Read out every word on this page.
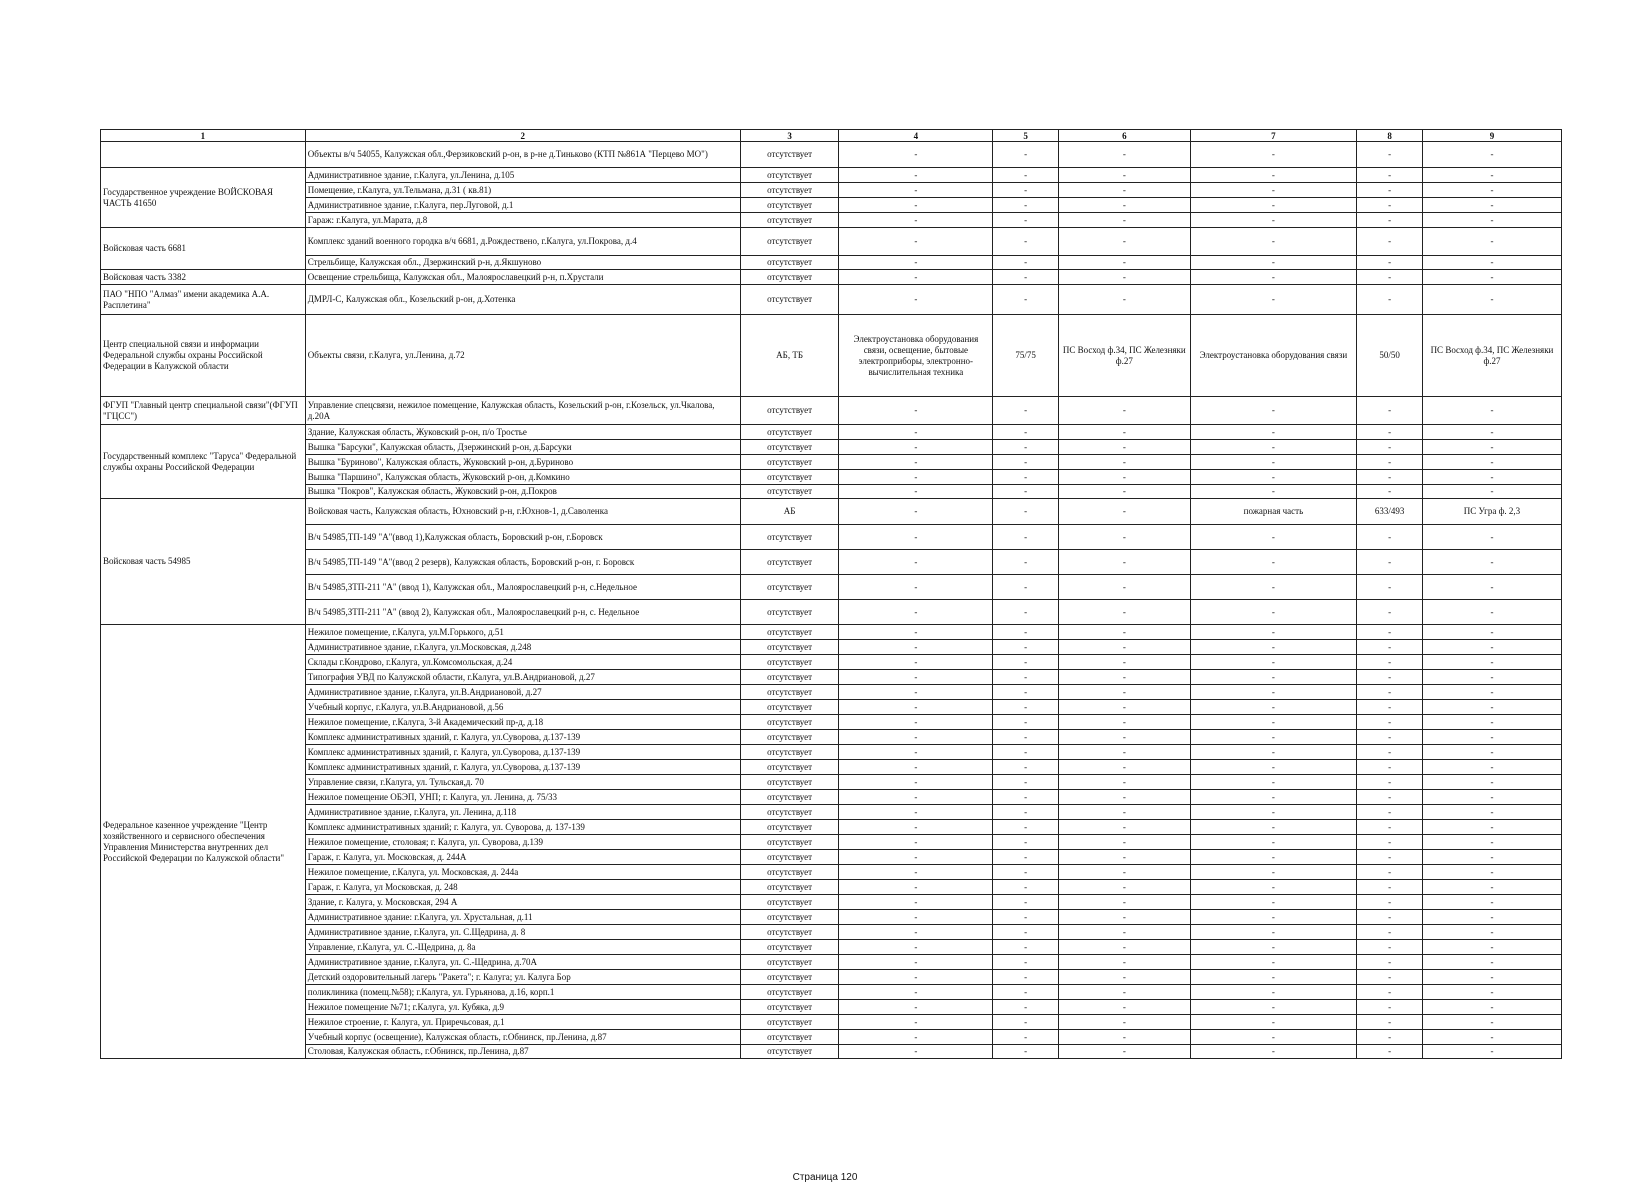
1	2	3	4	5	6	7	8	9
	Объекты в/ч 54055, Калужская обл.,Ферзиковский р-он, в р-не д.Тиньково (КТП №861А "Перцево МО")	отсутствует	-	-	-	-	-	-
Государственное учреждение ВОЙСКОВАЯ ЧАСТЬ 41650	Административное здание, г.Калуга, ул.Ленина, д.105	отсутствует	-	-	-	-	-	-
	Помещение, г.Калуга, ул.Тельмана, д.31 ( кв.81)	отсутствует	-	-	-	-	-	-
	Административное здание, г.Калуга, пер.Луговой, д.1	отсутствует	-	-	-	-	-	-
	Гараж: г.Калуга, ул.Марата, д.8	отсутствует	-	-	-	-	-	-
Войсковая часть 6681	Комплекс зданий военного городка в/ч 6681, д.Рождествено, г.Калуга, ул.Покрова, д.4	отсутствует	-	-	-	-	-	-
	Стрельбище, Калужская обл., Дзержинский р-н, д.Якшуново	отсутствует	-	-	-	-	-	-
Войсковая часть 3382	Освещение стрельбища, Калужская обл., Малоярославецкий р-н, п.Хрустали	отсутствует	-	-	-	-	-	-
ПАО "НПО "Алмаз" имени академика А.А. Расплетина"	ДМРЛ-С, Калужская обл., Козельский р-он, д.Хотенка	отсутствует	-	-	-	-	-	-
Центр специальной связи и информации Федеральной службы охраны Российской Федерации в Калужской области	Объекты связи, г.Калуга, ул.Ленина, д.72	АБ, ТБ	Электроустановка оборудования связи, освещение, бытовые электроприборы, электронно-вычислительная техника	75/75	ПС Восход ф.34, ПС Железняки ф.27	Электроустановка оборудования связи	50/50	ПС Восход ф.34, ПС Железняки ф.27
ФГУП "Главный центр специальной связи"(ФГУП "ГЦСС")	Управление спецсвязи, нежилое помещение, Калужская область, Козельский р-он, г.Козельск, ул.Чкалова, д.20А	отсутствует	-	-	-	-	-	-
Государственный комплекс "Таруса" Федеральной службы охраны Российской Федерации	Здание, Калужская область, Жуковский р-он, п/о Тростье	отсутствует	-	-	-	-	-	-
	Вышка "Барсуки", Калужская область, Дзержинский р-он, д.Барсуки	отсутствует	-	-	-	-	-	-
	Вышка "Буриново", Калужская область, Жуковский р-он, д.Буриново	отсутствует	-	-	-	-	-	-
	Вышка "Паршино", Калужская область, Жуковский р-он, д.Комкино	отсутствует	-	-	-	-	-	-
	Вышка "Покров", Калужская область, Жуковский р-он, д.Покров	отсутствует	-	-	-	-	-	-
Войсковая часть 54985	Войсковая часть, Калужская область, Юхновский р-н, г.Юхнов-1, д.Саволенка	АБ	-	-	-	пожарная часть	633/493	ПС Угра ф. 2,3
	В/ч 54985,ТП-149 "А"(ввод 1),Калужская область, Боровский р-он, г.Боровск	отсутствует	-	-	-	-	-	-
	В/ч 54985,ТП-149 "А"(ввод 2 резерв), Калужская область, Боровский р-он, г. Боровск	отсутствует	-	-	-	-	-	-
	В/ч 54985,ЗТП-211 "А" (ввод 1), Калужская обл., Малоярославецкий р-н, с.Недельное	отсутствует	-	-	-	-	-	-
	В/ч 54985,ЗТП-211 "А" (ввод 2), Калужская обл., Малоярославецкий р-н, с. Недельное	отсутствует	-	-	-	-	-	-
Федеральное казенное учреждение "Центр хозяйственного и сервисного обеспечения Управления Министерства внутренних дел Российской Федерации по Калужской области"	Нежилое помещение, г.Калуга, ул.М.Горького, д.51	отсутствует	-	-	-	-	-	-
	Административное здание, г.Калуга, ул.Московская, д.248	отсутствует	-	-	-	-	-	-
	Склады г.Кондрово, г.Калуга, ул.Комсомольская, д.24	отсутствует	-	-	-	-	-	-
	Типография УВД по Калужской области, г.Калуга, ул.В.Андриановой, д.27	отсутствует	-	-	-	-	-	-
	Административное здание, г.Калуга, ул.В.Андриановой, д.27	отсутствует	-	-	-	-	-	-
	Учебный корпус, г.Калуга, ул.В.Андриановой, д.56	отсутствует	-	-	-	-	-	-
	Нежилое помещение, г.Калуга, 3-й Академический пр-д, д.18	отсутствует	-	-	-	-	-	-
	Комплекс административных зданий, г. Калуга, ул.Суворова, д.137-139	отсутствует	-	-	-	-	-	-
	Комплекс административных зданий, г. Калуга, ул.Суворова, д.137-139	отсутствует	-	-	-	-	-	-
	Комплекс административных зданий, г. Калуга, ул.Суворова, д.137-139	отсутствует	-	-	-	-	-	-
	Управление связи, г.Калуга, ул. Тульская,д. 70	отсутствует	-	-	-	-	-	-
	Нежилое помещение ОБЭП, УНП; г. Калуга, ул. Ленина, д. 75/33	отсутствует	-	-	-	-	-	-
	Административное здание, г.Калуга, ул. Ленина, д.118	отсутствует	-	-	-	-	-	-
	Комплекс административных зданий; г. Калуга, ул. Суворова, д. 137-139	отсутствует	-	-	-	-	-	-
	Нежилое помещение, столовая; г. Калуга, ул. Суворова, д.139	отсутствует	-	-	-	-	-	-
	Гараж, г. Калуга, ул. Московская, д. 244А	отсутствует	-	-	-	-	-	-
	Нежилое помещение, г.Калуга, ул. Московская, д. 244а	отсутствует	-	-	-	-	-	-
	Гараж, г. Калуга, ул Московская, д. 248	отсутствует	-	-	-	-	-	-
	Здание, г. Калуга, у. Московская, 294 А	отсутствует	-	-	-	-	-	-
	Административное здание: г.Калуга, ул. Хрустальная, д.11	отсутствует	-	-	-	-	-	-
	Административное здание, г.Калуга, ул. С.Щедрина, д. 8	отсутствует	-	-	-	-	-	-
	Управление, г.Калуга, ул. С.-Щедрина, д. 8а	отсутствует	-	-	-	-	-	-
	Административное здание, г.Калуга, ул. С.-Щедрина, д.70А	отсутствует	-	-	-	-	-	-
	Детский оздоровительный лагерь "Ракета"; г. Калуга; ул. Калуга Бор	отсутствует	-	-	-	-	-	-
	поликлиника (помещ.№58); г.Калуга, ул. Гурьянова, д.16, корп.1	отсутствует	-	-	-	-	-	-
	Нежилое помещение №71; г.Калуга, ул. Кубяка, д.9	отсутствует	-	-	-	-	-	-
	Нежилое строение, г. Калуга, ул. Приречьсовая, д.1	отсутствует	-	-	-	-	-	-
	Учебный корпус (освещение), Калужская область, г.Обнинск, пр.Ленина, д.87	отсутствует	-	-	-	-	-	-
	Столовая, Калужская область, г.Обнинск, пр.Ленина, д.87	отсутствует	-	-	-	-	-	-
Страница 120
